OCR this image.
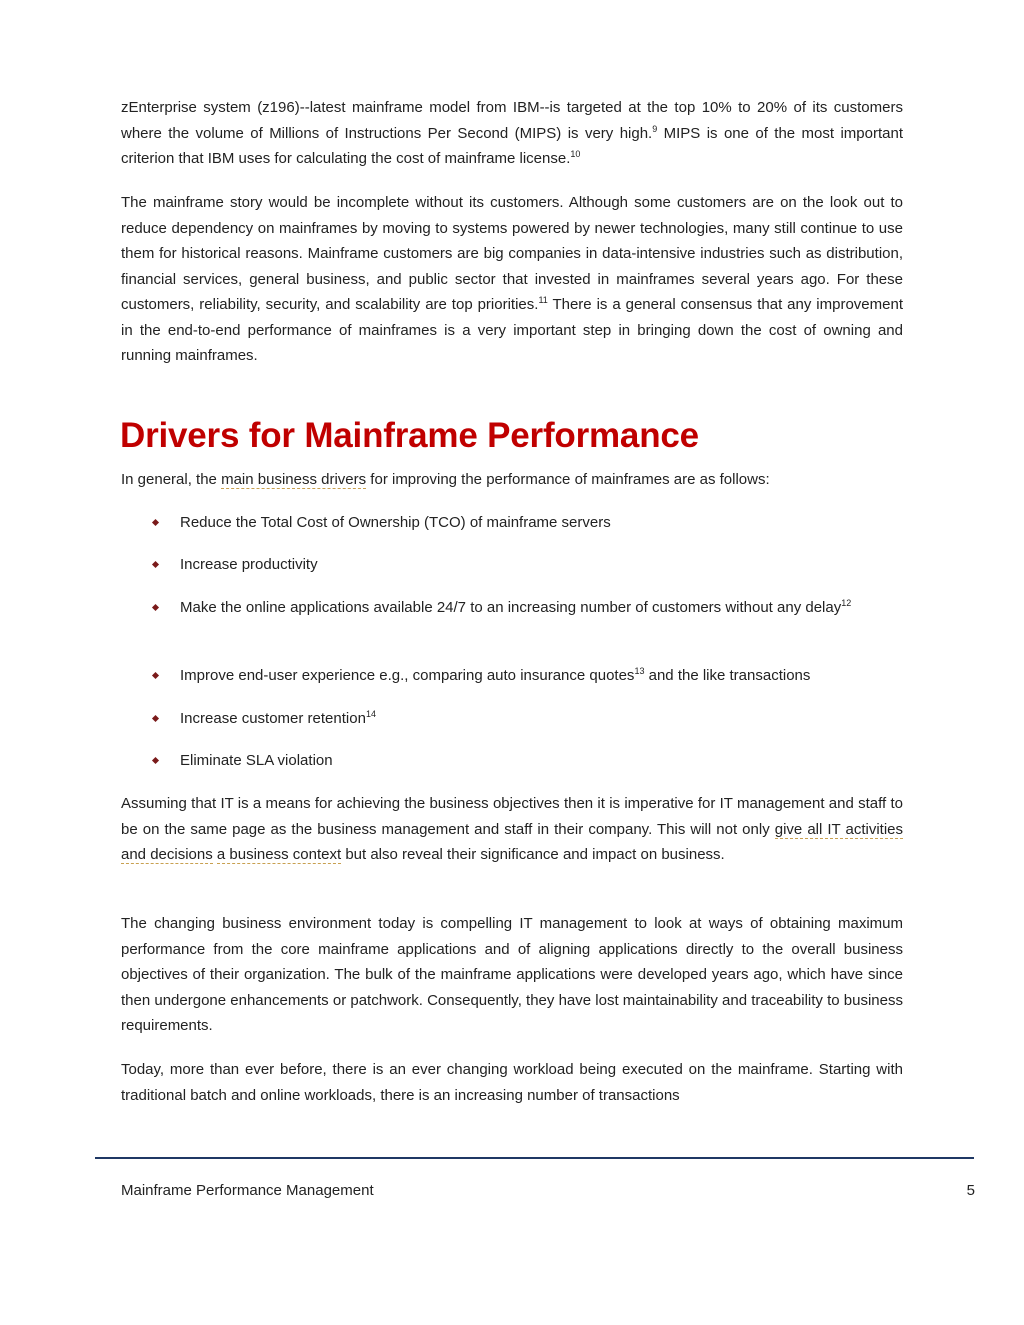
zEnterprise system (z196)--latest mainframe model from IBM--is targeted at the top 10% to 20% of its customers where the volume of Millions of Instructions Per Second (MIPS) is very high.$^9$ MIPS is one of the most important criterion that IBM uses for calculating the cost of mainframe license.$^{10}$

The mainframe story would be incomplete without its customers. Although some customers are on the look out to reduce dependency on mainframes by moving to systems powered by newer technologies, many still continue to use them for historical reasons. Mainframe customers are big companies in data-intensive industries such as distribution, financial services, general business, and public sector that invested in mainframes several years ago. For these customers, reliability, security, and scalability are top priorities.$^{11}$ There is a general consensus that any improvement in the end-to-end performance of mainframes is a very important step in bringing down the cost of owning and running mainframes.

Drivers for Mainframe Performance

In general, the main business drivers for improving the performance of mainframes are as follows:

Reduce the Total Cost of Ownership (TCO) of mainframe servers
Increase productivity
Make the online applications available 24/7 to an increasing number of customers without any delay$^{12}$
Improve end-user experience e.g., comparing auto insurance quotes$^{13}$ and the like transactions
Increase customer retention$^{14}$
Eliminate SLA violation

Assuming that IT is a means for achieving the business objectives then it is imperative for IT management and staff to be on the same page as the business management and staff in their company. This will not only give all IT activities and decisions a business context but also reveal their significance and impact on business.

The changing business environment today is compelling IT management to look at ways of obtaining maximum performance from the core mainframe applications and of aligning applications directly to the overall business objectives of their organization. The bulk of the mainframe applications were developed years ago, which have since then undergone enhancements or patchwork. Consequently, they have lost maintainability and traceability to business requirements.

Today, more than ever before, there is an ever changing workload being executed on the mainframe. Starting with traditional batch and online workloads, there is an increasing number of transactions

Mainframe Performance Management	5
